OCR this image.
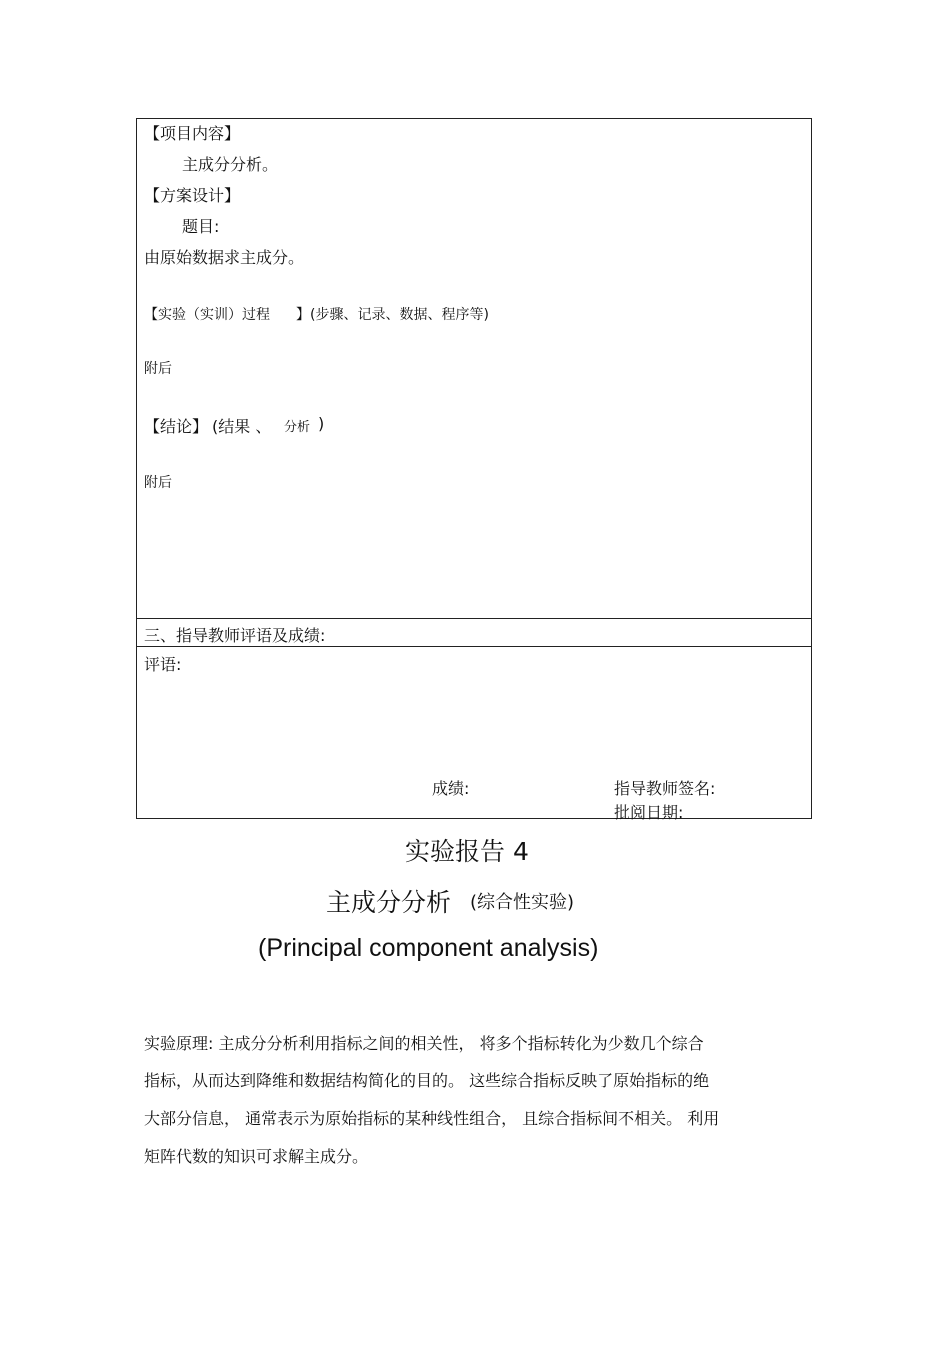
【项目内容】
主成分分析。
【方案设计】
题目:
由原始数据求主成分。
【实验（实训）过程 】(步骤、记录、数据、程序等)
附后
【结论】 (结果 、 分析 )
附后
三、指导教师评语及成绩:
评语:
成绩:	指导教师签名:
批阅日期:
实验报告 4
主成分分析 (综合性实验)
(Principal component analysis)
实验原理: 主成分分析利用指标之间的相关性， 将多个指标转化为少数几个综合
指标，从而达到降维和数据结构简化的目的。 这些综合指标反映了原始指标的绝
大部分信息， 通常表示为原始指标的某种线性组合， 且综合指标间不相关。 利用
矩阵代数的知识可求解主成分。
